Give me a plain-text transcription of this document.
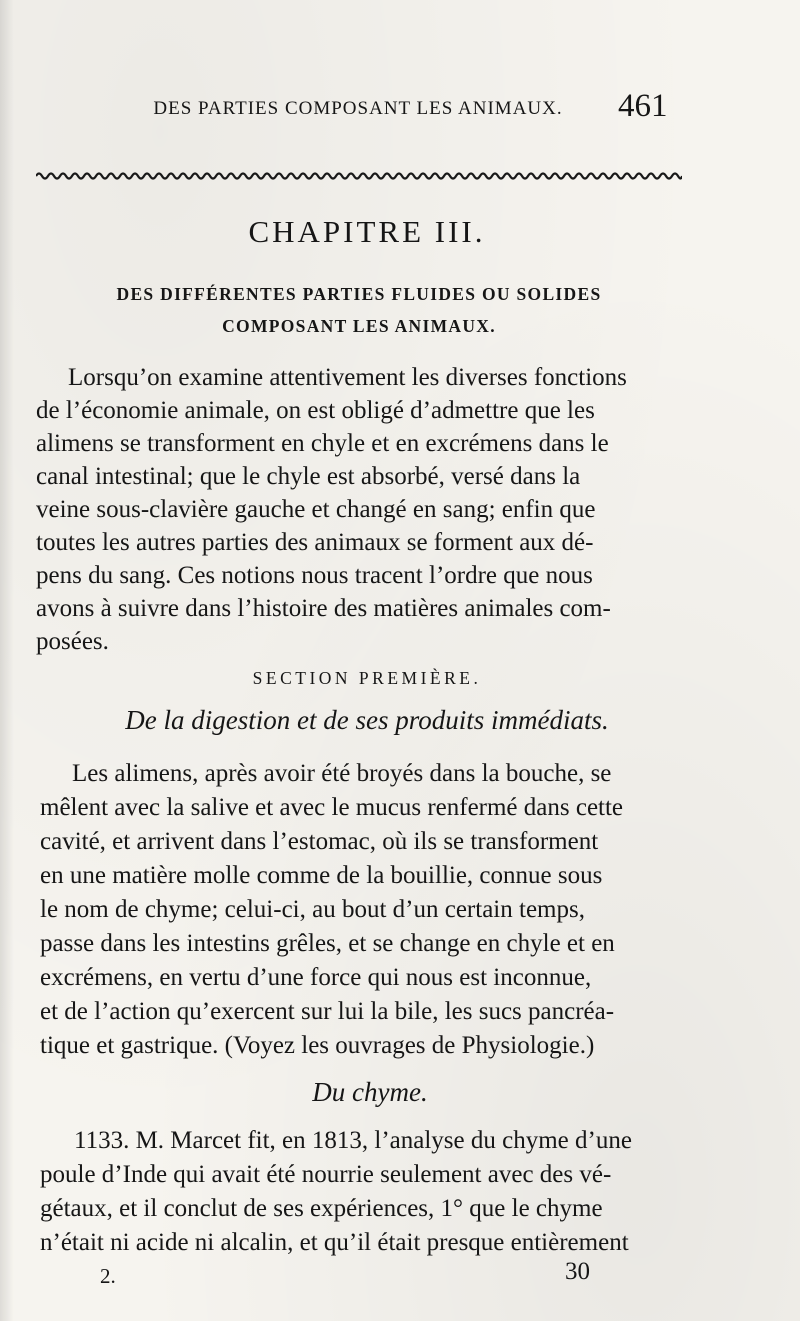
DES PARTIES COMPOSANT LES ANIMAUX.	461
CHAPITRE III.
DES DIFFÉRENTES PARTIES FLUIDES OU SOLIDES
COMPOSANT LES ANIMAUX.
Lorsqu’on examine attentivement les diverses fonctions
de l’économie animale, on est obligé d’admettre que les
alimens se transforment en chyle et en excrémens dans le
canal intestinal; que le chyle est absorbé, versé dans la
veine sous-clavière gauche et changé en sang; enfin que
toutes les autres parties des animaux se forment aux dé-
pens du sang. Ces notions nous tracent l’ordre que nous
avons à suivre dans l’histoire des matières animales com-
posées.
SECTION PREMIÈRE.
De la digestion et de ses produits immédiats.
Les alimens, après avoir été broyés dans la bouche, se
mêlent avec la salive et avec le mucus renfermé dans cette
cavité, et arrivent dans l’estomac, où ils se transforment
en une matière molle comme de la bouillie, connue sous
le nom de chyme; celui-ci, au bout d’un certain temps,
passe dans les intestins grêles, et se change en chyle et en
excrémens, en vertu d’une force qui nous est inconnue,
et de l’action qu’exercent sur lui la bile, les sucs pancréa-
tique et gastrique. (Voyez les ouvrages de Physiologie.)
Du chyme.
1133. M. Marcet fit, en 1813, l’analyse du chyme d’une
poule d’Inde qui avait été nourrie seulement avec des vé-
gétaux, et il conclut de ses expériences, 1° que le chyme
n’était ni acide ni alcalin, et qu’il était presque entièrement
2.	30
